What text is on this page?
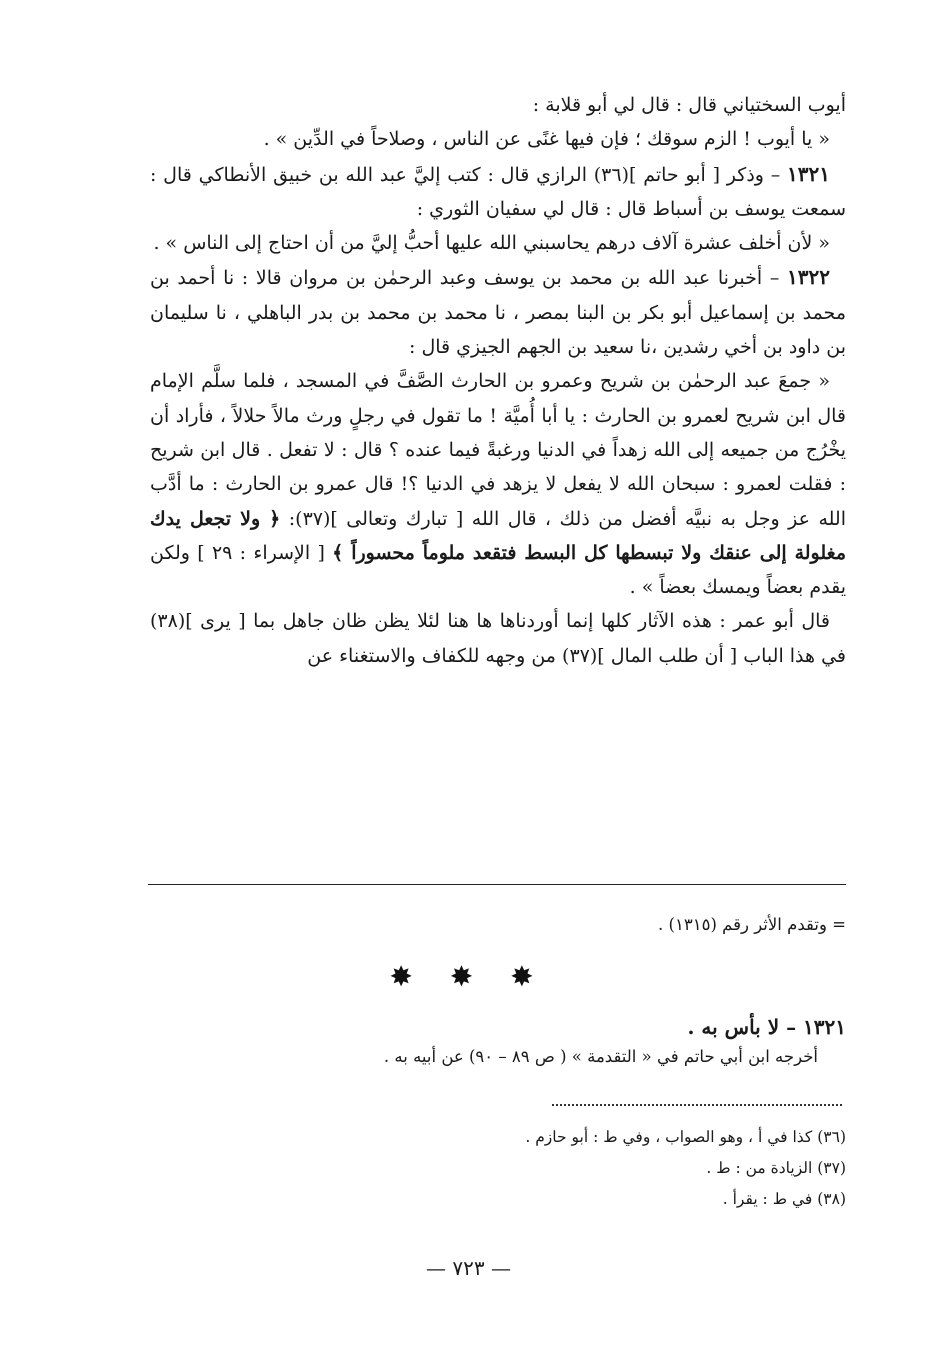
أيوب السختياني قال : قال لي أبو قلابة :

« يا أيوب ! الزم سوقك ؛ فإن فيها غنًى عن الناس ، وصلاحاً في الدِّين » .

١٣٢١ – وذكر [ أبو حاتم ](٣٦) الرازي قال : كتب إليَّ عبد الله بن خبيق الأنطاكي قال : سمعت يوسف بن أسباط قال : قال لي سفيان الثوري :

« لأن أخلف عشرة آلاف درهم يحاسبني الله عليها أحبُّ إليَّ من أن احتاج إلى الناس » .

١٣٢٢ – أخبرنا عبد الله بن محمد بن يوسف وعبد الرحمٰن بن مروان قالا : نا أحمد بن محمد بن إسماعيل أبو بكر بن البنا بمصر ، نا محمد بن محمد بن بدر الباهلي ، نا سليمان بن داود بن أخي رشدين ،نا سعيد بن الجهم الجيزي قال :

« جمعَ عبد الرحمٰن بن شريح وعمرو بن الحارث الصَّفَّ في المسجد ، فلما سلَّم الإمام قال ابن شريح لعمرو بن الحارث : يا أبا أُميَّة ! ما تقول في رجلٍ ورث مالاً حلالاً ، فأراد أن يخْرُج من جميعه إلى الله زهداً في الدنيا ورغبةً فيما عنده ؟ قال : لا تفعل . قال ابن شريح : فقلت لعمرو : سبحان الله لا يفعل لا يزهد في الدنيا ؟! قال عمرو بن الحارث : ما أدَّب الله عز وجل به نبيَّه أفضل من ذلك ، قال الله [ تبارك وتعالى ](٣٧): ﴿ ولا تجعل يدك مغلولة إلى عنقك ولا تبسطها كل البسط فتقعد ملوماً محسوراً ﴾ [ الإسراء : ٢٩ ] ولكن يقدم بعضاً ويمسك بعضاً » .

قال أبو عمر : هذه الآثار كلها إنما أوردناها ها هنا لئلا يظن ظان جاهل بما [ يرى ](٣٨) في هذا الباب [ أن طلب المال ](٣٧) من وجهه للكفاف والاستغناء عن

= وتقدم الأثر رقم (١٣١٥) .
✸ ✸ ✸
١٣٢١ – لا بأس به .
أخرجه ابن أبي حاتم في « التقدمة » ( ص ٨٩ – ٩٠) عن أبيه به .
(٣٦) كذا في أ ، وهو الصواب ، وفي ط : أبو حازم .
(٣٧) الزيادة من : ط .
(٣٨) في ط : يقرأ .
— ٧٢٣ —
